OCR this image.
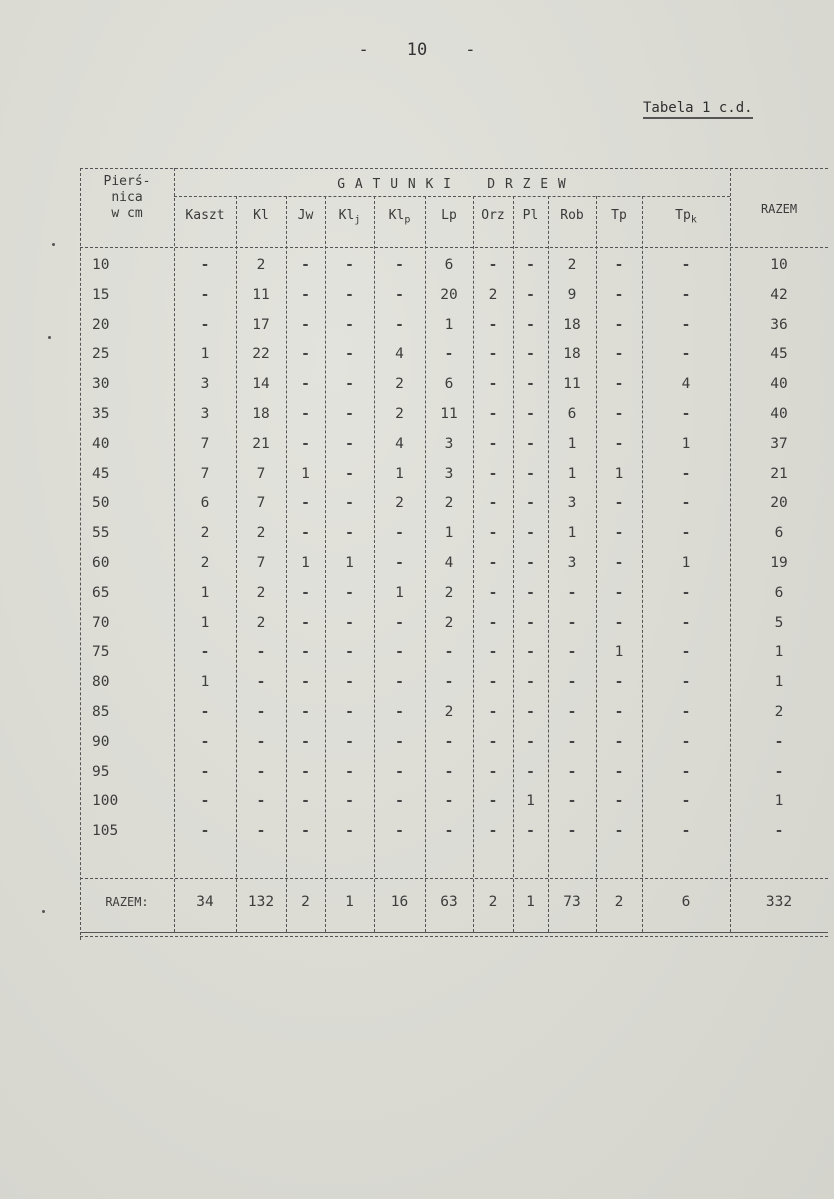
- 10 -
Tabela 1 c.d.
Pierś-
nica
w cm
G A T U N K I    D R Z E W
Kaszt	Kl	Jw	$Kl_j$	$Kl_p$	Lp	Orz	Pl	Rob	Tp	$Tp_k$
RAZEM
10	-	2	-	-	-	6	-	-	2	-	-	10
15	-	11	-	-	-	20	2	-	9	-	-	42
20	-	17	-	-	-	1	-	-	18	-	-	36
25	1	22	-	-	4	-	-	-	18	-	-	45
30	3	14	-	-	2	6	-	-	11	-	4	40
35	3	18	-	-	2	11	-	-	6	-	-	40
40	7	21	-	-	4	3	-	-	1	-	1	37
45	7	7	1	-	1	3	-	-	1	1	-	21
50	6	7	-	-	2	2	-	-	3	-	-	20
55	2	2	-	-	-	1	-	-	1	-	-	6
60	2	7	1	1	-	4	-	-	3	-	1	19
65	1	2	-	-	1	2	-	-	-	-	-	6
70	1	2	-	-	-	2	-	-	-	-	-	5
75	-	-	-	-	-	-	-	-	-	1	-	1
80	1	-	-	-	-	-	-	-	-	-	-	1
85	-	-	-	-	-	2	-	-	-	-	-	2
90	-	-	-	-	-	-	-	-	-	-	-	-
95	-	-	-	-	-	-	-	-	-	-	-	-
100	-	-	-	-	-	-	-	1	-	-	-	1
105	-	-	-	-	-	-	-	-	-	-	-	-
RAZEM:	34	132	2	1	16	63	2	1	73	2	6	332
